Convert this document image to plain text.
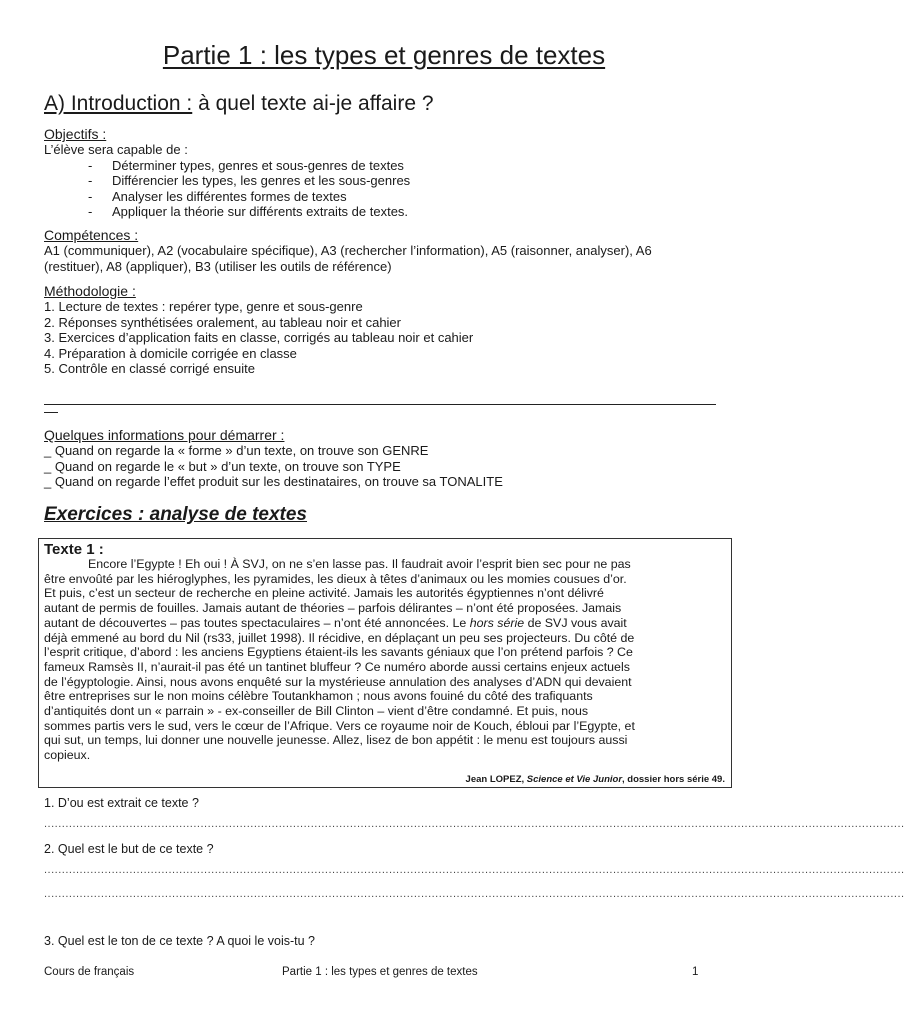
Partie 1 : les types et genres de textes
A) Introduction : à quel texte ai-je affaire ?
Objectifs :
L’élève sera capable de :
-	Déterminer types, genres et sous-genres de textes
-	Différencier les types, les genres et les sous-genres
-	Analyser les différentes formes de textes
-	Appliquer la théorie sur différents extraits de textes.
Compétences :
A1 (communiquer), A2 (vocabulaire spécifique), A3 (rechercher l’information), A5 (raisonner, analyser), A6
(restituer), A8 (appliquer), B3 (utiliser les outils de référence)
Méthodologie :
1. Lecture de textes : repérer type, genre et sous-genre
2. Réponses synthétisées oralement, au tableau noir et cahier
3. Exercices d’application faits en classe, corrigés au tableau noir et cahier
4. Préparation à domicile corrigée en classe
5. Contrôle en classé corrigé ensuite
Quelques informations pour démarrer :
_ Quand on regarde la « forme » d’un texte, on trouve son GENRE
_ Quand on regarde le « but » d’un texte, on trouve son TYPE
_ Quand on regarde l’effet produit sur les destinataires, on trouve sa TONALITE
Exercices : analyse de textes
Texte 1 :
Encore l’Egypte ! Eh oui ! À SVJ, on ne s’en lasse pas. Il faudrait avoir l’esprit bien sec pour ne pas
être envoûté par les hiéroglyphes, les pyramides, les dieux à têtes d’animaux ou les momies cousues d’or.
Et puis, c’est un secteur de recherche en pleine activité. Jamais les autorités égyptiennes n’ont délivré
autant de permis de fouilles. Jamais autant de théories – parfois délirantes – n’ont été proposées. Jamais
autant de découvertes – pas toutes spectaculaires – n’ont été annoncées. Le hors série de SVJ vous avait
déjà emmené au bord du Nil (rs33, juillet 1998). Il récidive, en déplaçant un peu ses projecteurs. Du côté de
l’esprit critique, d’abord : les anciens Egyptiens étaient-ils les savants géniaux que l’on prétend parfois ? Ce
fameux Ramsès II, n’aurait-il pas été un tantinet bluffeur ? Ce numéro aborde aussi certains enjeux actuels
de l’égyptologie. Ainsi, nous avons enquêté sur la mystérieuse annulation des analyses d’ADN qui devaient
être entreprises sur le non moins célèbre Toutankhamon ; nous avons fouiné du côté des trafiquants
d’antiquités dont un « parrain » - ex-conseiller de Bill Clinton – vient d’être condamné. Et puis, nous
sommes partis vers le sud, vers le cœur de l’Afrique. Vers ce royaume noir de Kouch, ébloui par l’Egypte, et
qui sut, un temps, lui donner une nouvelle jeunesse. Allez, lisez de bon appétit : le menu est toujours aussi
copieux.
Jean LOPEZ, Science et Vie Junior, dossier hors série 49.
1. D’ou est extrait ce texte ?
..................................................................................................................................................................................................................................................
2. Quel est le but de ce texte ?
..................................................................................................................................................................................................................................................
..................................................................................................................................................................................................................................................
3. Quel est le ton de ce texte ? A quoi le vois-tu ?
Cours de français	Partie 1 : les types et genres de textes	1
